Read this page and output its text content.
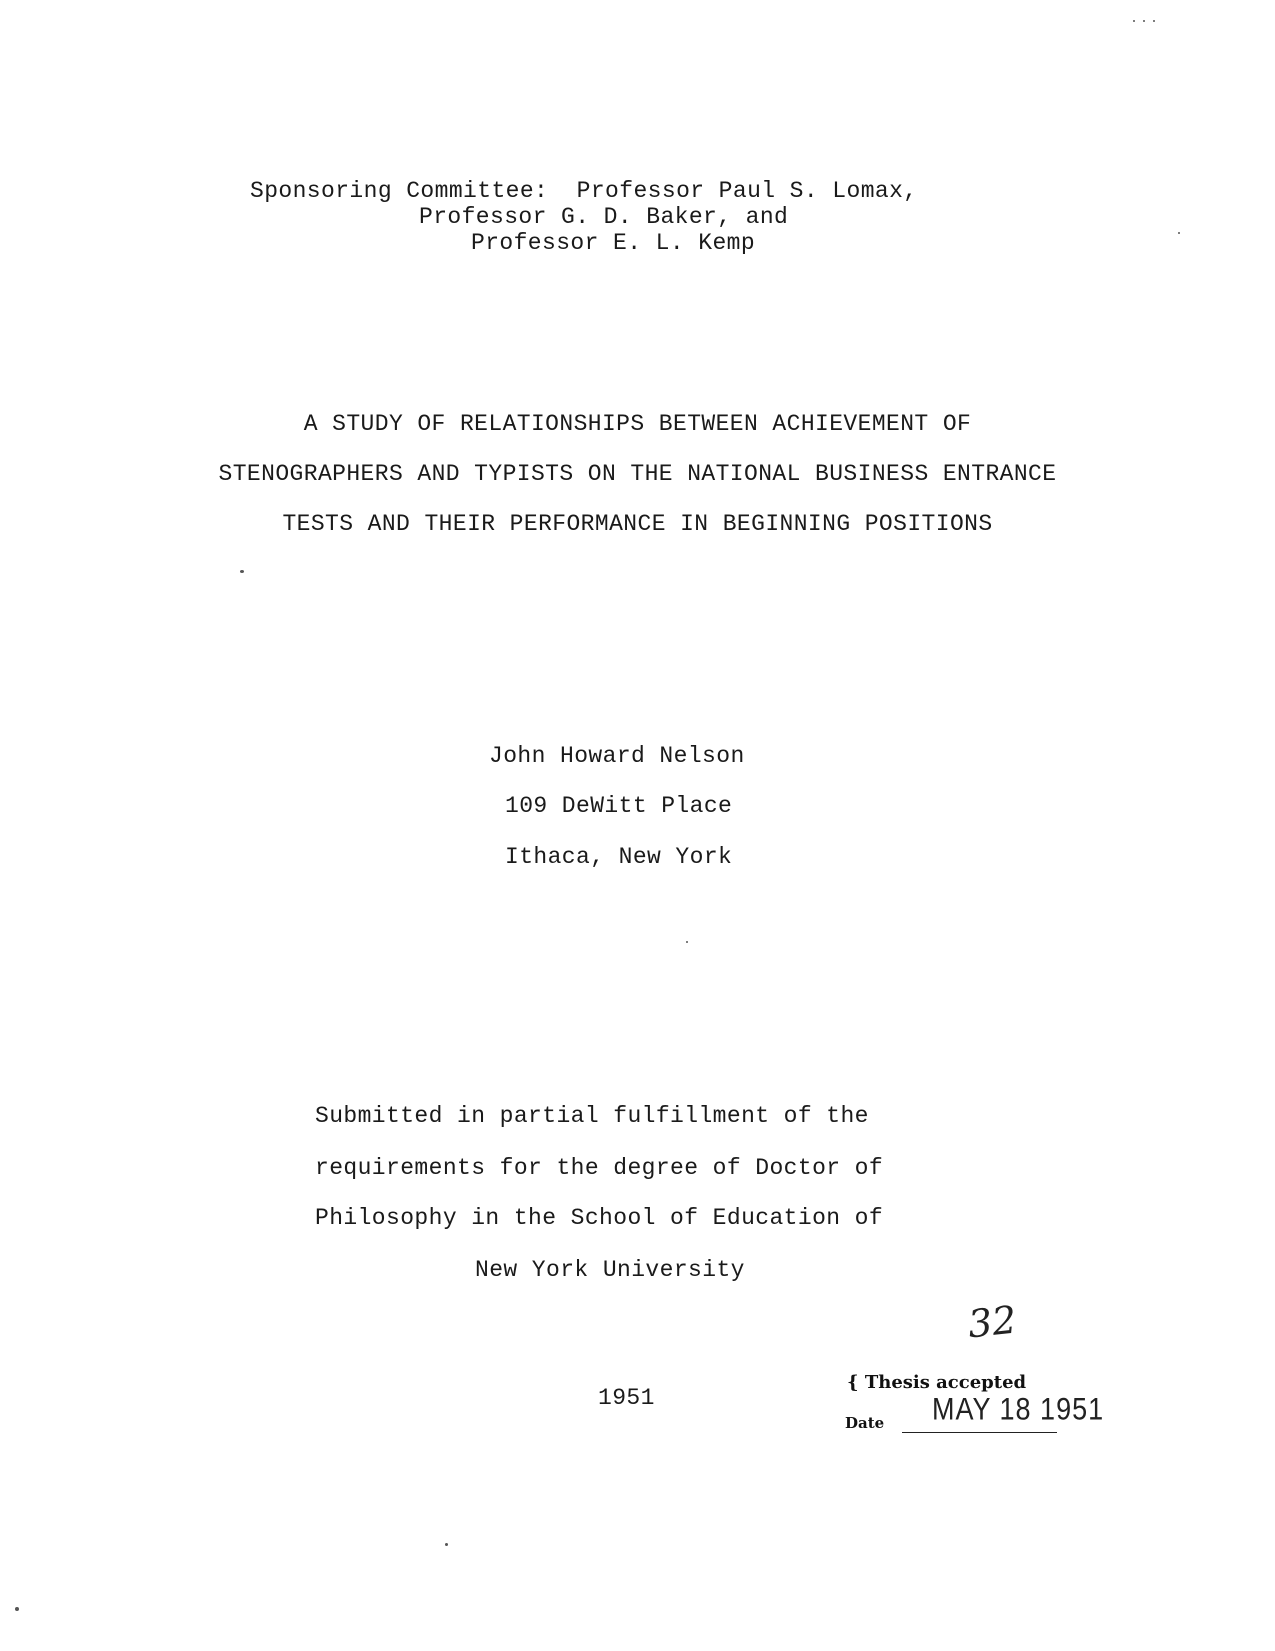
Sponsoring Committee:  Professor Paul S. Lomax,
Professor G. D. Baker, and
Professor E. L. Kemp
A STUDY OF RELATIONSHIPS BETWEEN ACHIEVEMENT OF
STENOGRAPHERS AND TYPISTS ON THE NATIONAL BUSINESS ENTRANCE
TESTS AND THEIR PERFORMANCE IN BEGINNING POSITIONS
John Howard Nelson
109 DeWitt Place
Ithaca, New York
Submitted in partial fulfillment of the
requirements for the degree of Doctor of
Philosophy in the School of Education of
New York University
1951
32
{ Thesis accepted
Date MAY 18 1951
